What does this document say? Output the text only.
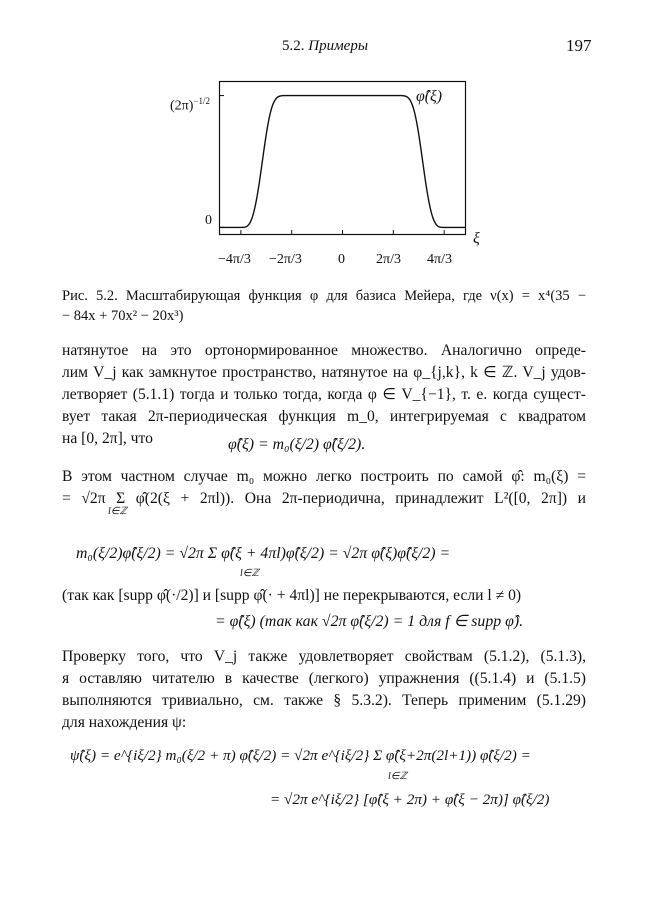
5.2. Примеры	197
$(2\pi)^{-1/2}$
0
φ̂(ξ)
ξ
−4π/3 −2π/3	0 2π/3 4π/3
Рис. 5.2. Масштабирующая функция φ для базиса Мейера, где ν(x) = x⁴(35 −
− 84x + 70x² − 20x³)
натянутое на это ортонормированное множество. Аналогично опреде-
лим V_j как замкнутое пространство, натянутое на φ_{j,k}, k ∈ ℤ. V_j удов-
летворяет (5.1.1) тогда и только тогда, когда φ ∈ V_{−1}, т. е. когда сущест-
вует такая 2π-периодическая функция m_0, интегрируемая с квадратом
на [0, 2π], что	φ̂(ξ) = m₀(ξ/2) φ̂(ξ/2).
В этом частном случае m₀ можно легко построить по самой φ̂: m₀(ξ) =
= √2π Σ φ̂(2(ξ + 2πl)). Она 2π-периодична, принадлежит L²([0, 2π]) и
l∈ℤ
m₀(ξ/2)φ̂(ξ/2) = √2π Σ φ̂(ξ + 4πl)φ̂(ξ/2) = √2π φ̂(ξ)φ̂(ξ/2) =
l∈ℤ
(так как [supp φ̂(·/2)] и [supp φ̂(· + 4πl)] не перекрываются, если l ≠ 0)
= φ̂(ξ) (так как √2π φ̂(ξ/2) = 1 для f ∈ supp φ̂).
Проверку того, что V_j также удовлетворяет свойствам (5.1.2), (5.1.3),
я оставляю читателю в качестве (легкого) упражнения ((5.1.4) и (5.1.5)
выполняются тривиально, см. также § 5.3.2). Теперь применим (5.1.29)
для нахождения ψ:
ψ̂(ξ) = e^{iξ/2} m₀(ξ/2 + π) φ̂(ξ/2) = √2π e^{iξ/2} Σ φ̂(ξ+2π(2l+1)) φ̂(ξ/2) =
l∈ℤ
= √2π e^{iξ/2} [φ̂(ξ + 2π) + φ̂(ξ − 2π)] φ̂(ξ/2)
